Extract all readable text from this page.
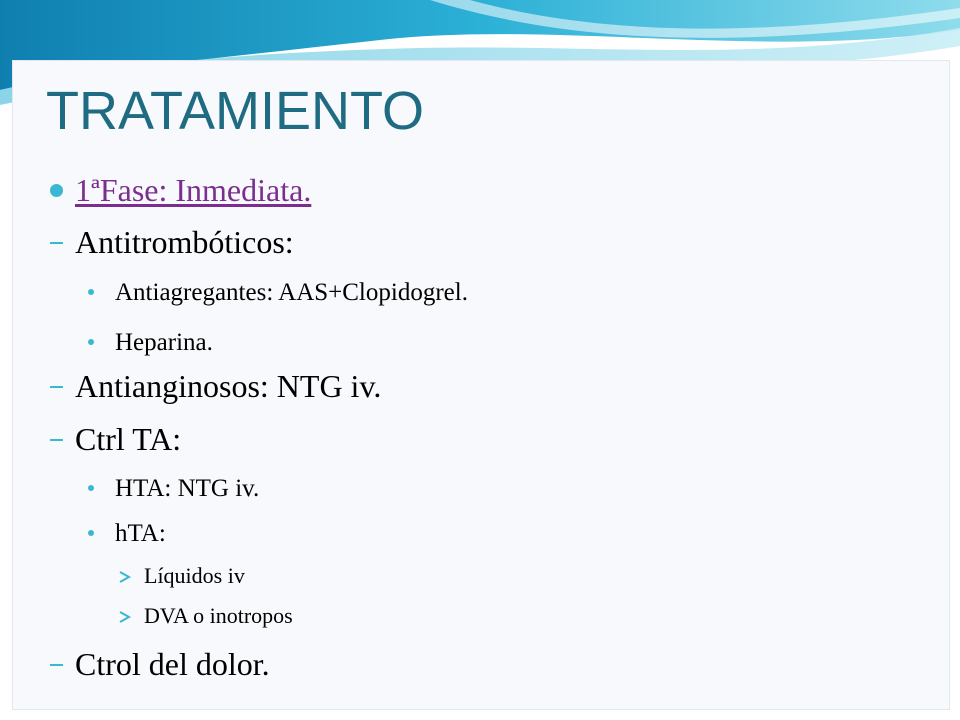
TRATAMIENTO
1ªFase: Inmediata.
Antitrombóticos:
Antiagregantes: AAS+Clopidogrel.
Heparina.
Antianginosos: NTG iv.
Ctrl TA:
HTA: NTG iv.
hTA:
Líquidos iv
DVA o inotropos
Ctrol del dolor.
